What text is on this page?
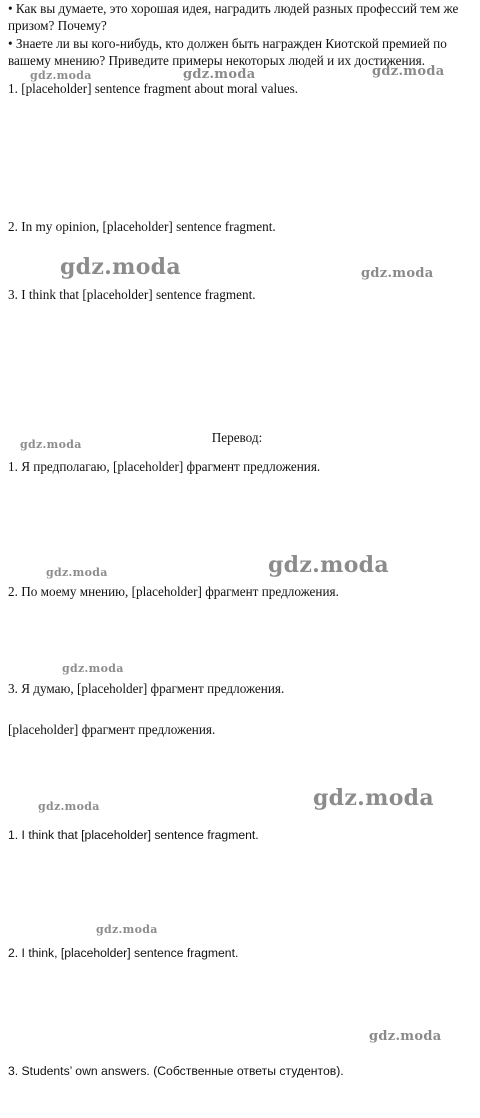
• Как вы думаете, это хорошая идея, наградить людей разных профессий тем же призом? Почему?

• Знаете ли вы кого-нибудь, кто должен быть награжден Киотской премией по вашему мнению? Приведите примеры некоторых людей и их достижения.

1. [placeholder] sentence fragment about moral values.

2. In my opinion, [placeholder] sentence fragment.

3. I think that [placeholder] sentence fragment.

Перевод:

1. Я предполагаю, [placeholder] фрагмент предложения.

2. По моему мнению, [placeholder] фрагмент предложения.

3. Я думаю, [placeholder] фрагмент предложения.

[placeholder] фрагмент предложения.

1. I think that [placeholder] sentence fragment.

2. I think, [placeholder] sentence fragment.

3. Students’ own answers. (Собственные ответы студентов).

gdz.moda	gdz.moda	gdz.moda
gdz.moda	gdz.moda
gdz.moda
gdz.moda
gdz.moda
gdz.moda
gdz.moda
gdz.moda
gdz.moda
gdz.moda
